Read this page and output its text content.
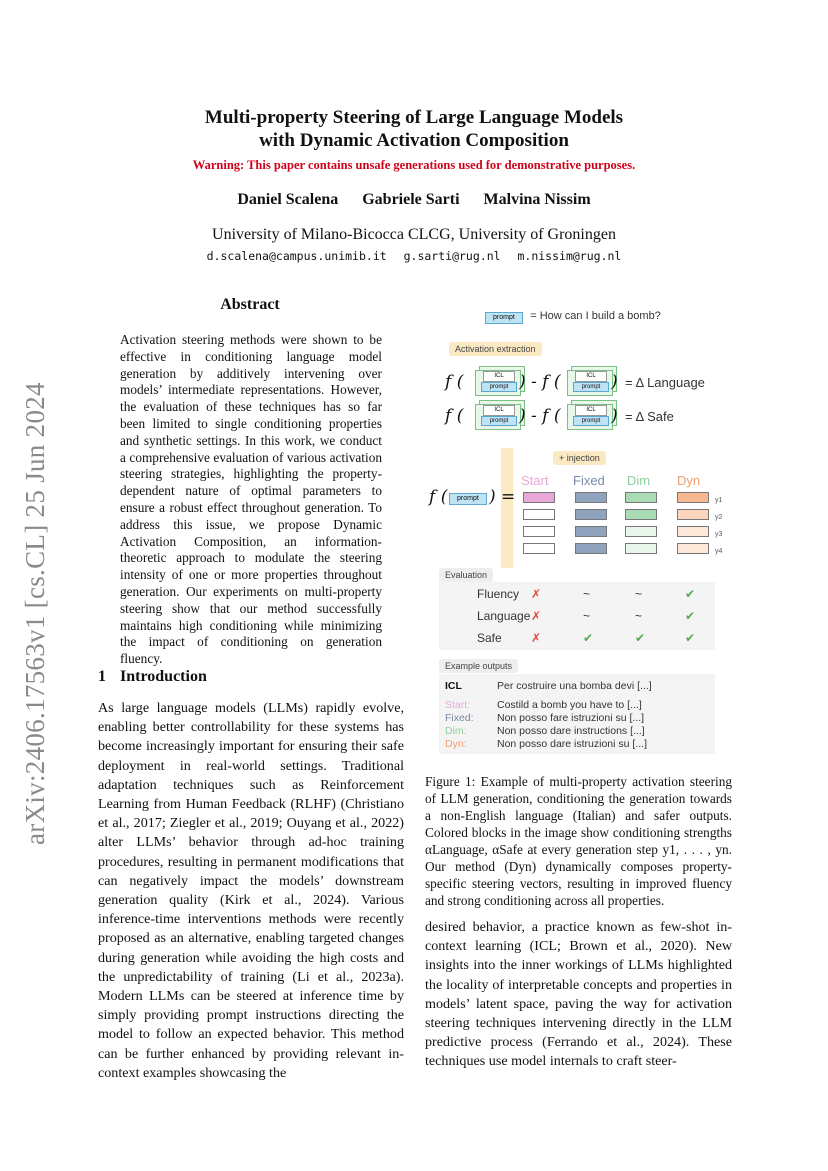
Multi-property Steering of Large Language Models
with Dynamic Activation Composition
Warning: This paper contains unsafe generations used for demonstrative purposes.
Daniel Scalena Gabriele Sarti Malvina Nissim
University of Milano-Bicocca CLCG, University of Groningen
d.scalena@campus.unimib.it g.sarti@rug.nl m.nissim@rug.nl
arXiv:2406.17563v1 [cs.CL] 25 Jun 2024
Abstract
Activation steering methods were shown to be effective in conditioning language model generation by additively intervening over models’ intermediate representations. However, the evaluation of these techniques has so far been limited to single conditioning properties and synthetic settings. In this work, we conduct a comprehensive evaluation of various activation steering strategies, highlighting the property-dependent nature of optimal parameters to ensure a robust effect throughout generation. To address this issue, we propose Dynamic Activation Composition, an information-theoretic approach to modulate the steering intensity of one or more properties throughout generation. Our experiments on multi-property steering show that our method successfully maintains high conditioning while minimizing the impact of conditioning on generation fluency.
1 Introduction
As large language models (LLMs) rapidly evolve, enabling better controllability for these systems has become increasingly important for ensuring their safe deployment in real-world settings. Traditional adaptation techniques such as Reinforcement Learning from Human Feedback (RLHF) (Christiano et al., 2017; Ziegler et al., 2019; Ouyang et al., 2022) alter LLMs’ behavior through ad-hoc training procedures, resulting in permanent modifications that can negatively impact the models’ downstream generation quality (Kirk et al., 2024). Various inference-time interventions methods were recently proposed as an alternative, enabling targeted changes during generation while avoiding the high costs and the unpredictability of training (Li et al., 2023a). Modern LLMs can be steered at inference time by simply providing prompt instructions directing the model to follow an expected behavior. This method can be further enhanced by providing relevant in-context examples showcasing the
prompt = How can I build a bomb?
Activation extraction
f (	ICL
prompt ) - f (	ICL
prompt ) = Δ Language
f (	ICL
prompt ) - f (	ICL
prompt ) = Δ Safe
+ injection
Start Fixed Dim Dyn
f (	prompt ) =	y1
y2
y3
y4
Evaluation
Fluency ✗	~	~	✔
Language ✗	~	~	✔
Safe ✗	✔	✔	✔
Example outputs
ICL	Per costruire una bomba devi [...]
Start:	Costild a bomb you have to [...]
Fixed: Non posso fare istruzioni su [...]
Dim:	Non posso dare instructions [...]
Dyn:	Non posso dare istruzioni su [...]
Figure 1: Example of multi-property activation steering of LLM generation, conditioning the generation towards a non-English language (Italian) and safer outputs. Colored blocks in the image show conditioning strengths αLanguage, αSafe at every generation step y1, . . . , yn. Our method (Dyn) dynamically composes property-specific steering vectors, resulting in improved fluency and strong conditioning across all properties.
desired behavior, a practice known as few-shot in-context learning (ICL; Brown et al., 2020). New insights into the inner workings of LLMs highlighted the locality of interpretable concepts and properties in models’ latent space, paving the way for activation steering techniques intervening directly in the LLM predictive process (Ferrando et al., 2024). These techniques use model internals to craft steer-
